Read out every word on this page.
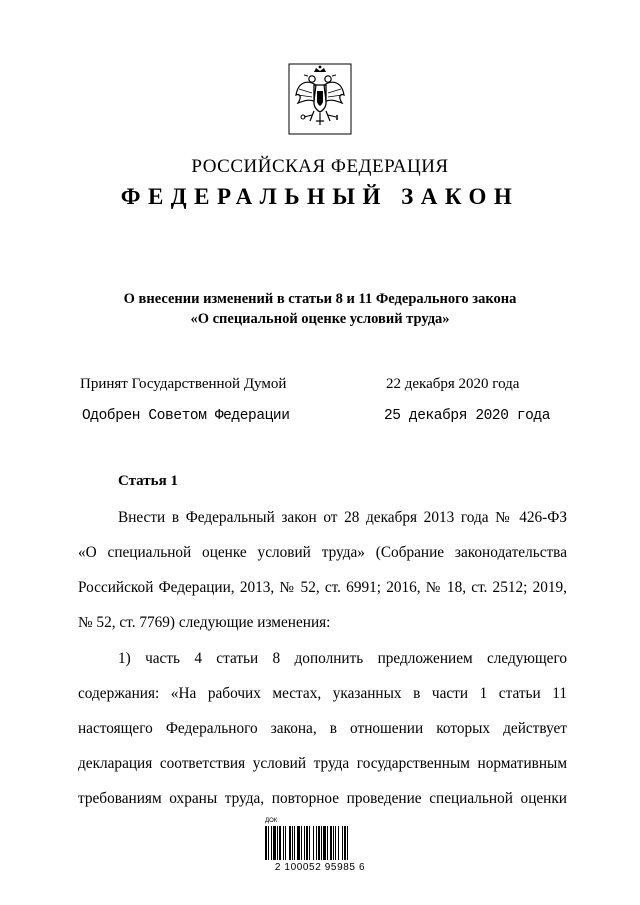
РОССИЙСКАЯ ФЕДЕРАЦИЯ
ФЕДЕРАЛЬНЫЙ ЗАКОН
О внесении изменений в статьи 8 и 11 Федерального закона
«О специальной оценке условий труда»
Принят Государственной Думой	22 декабря 2020 года
Одобрен Советом Федерации	25 декабря 2020 года
Статья 1
Внести в Федеральный закон от 28 декабря 2013 года № 426-ФЗ
«О специальной оценке условий труда» (Собрание законодательства
Российской Федерации, 2013, № 52, ст. 6991; 2016, № 18, ст. 2512; 2019,
№ 52, ст. 7769) следующие изменения:
1) часть 4 статьи 8 дополнить предложением следующего
содержания: «На рабочих местах, указанных в части 1 статьи 11
настоящего Федерального закона, в отношении которых действует
декларация соответствия условий труда государственным нормативным
требованиям охраны труда, повторное проведение специальной оценки
ДОК
2 100052 95985 6
